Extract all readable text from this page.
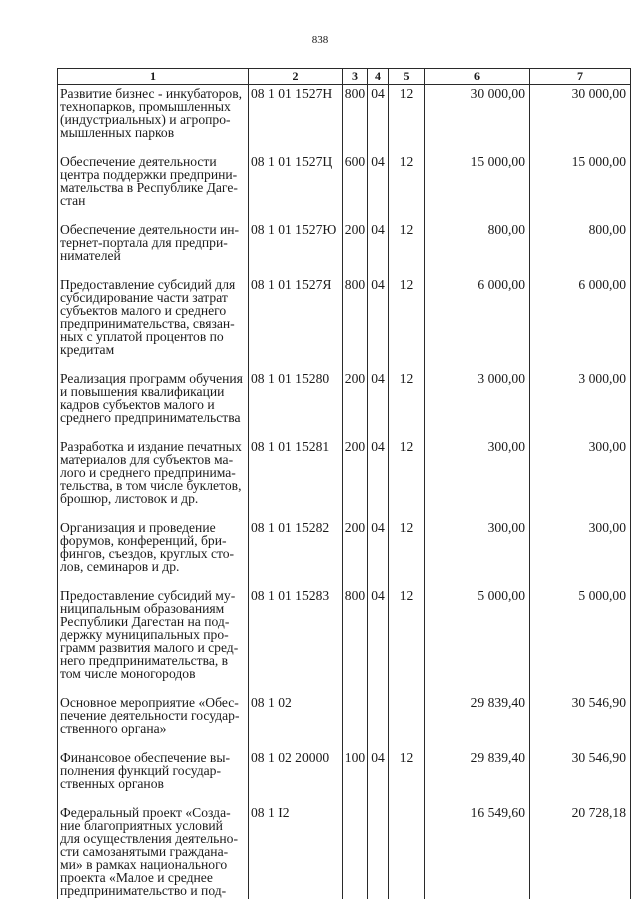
838
1	2	3	4	5	6	7
Развитие бизнес - инкубаторов, технопарков, промышленных (индустриальных) и агропро-мышленных парков	08 1 01 1527Н	800	04	12	30 000,00	30 000,00
Обеспечение деятельности центра поддержки предприни-мательства в Республике Даге-стан	08 1 01 1527Ц	600	04	12	15 000,00	15 000,00
Обеспечение деятельности ин-тернет-портала для предпри-нимателей	08 1 01 1527Ю	200	04	12	800,00	800,00
Предоставление субсидий для субсидирование части затрат субъектов малого и среднего предпринимательства, связан-ных с уплатой процентов по кредитам	08 1 01 1527Я	800	04	12	6 000,00	6 000,00
Реализация программ обучения и повышения квалификации кадров субъектов малого и среднего предпринимательства	08 1 01 15280	200	04	12	3 000,00	3 000,00
Разработка и издание печатных материалов для субъектов ма-лого и среднего предпринима-тельства, в том числе буклетов, брошюр, листовок и др.	08 1 01 15281	200	04	12	300,00	300,00
Организация и проведение форумов, конференций, бри-фингов, съездов, круглых сто-лов, семинаров и др.	08 1 01 15282	200	04	12	300,00	300,00
Предоставление субсидий му-ниципальным образованиям Республики Дагестан на под-держку муниципальных про-грамм развития малого и сред-него предпринимательства, в том числе моногородов	08 1 01 15283	800	04	12	5 000,00	5 000,00
Основное мероприятие «Обес-печение деятельности государ-ственного органа»	08 1 02				29 839,40	30 546,90
Финансовое обеспечение вы-полнения функций государ-ственных органов	08 1 02 20000	100	04	12	29 839,40	30 546,90
Федеральный проект «Созда-ние благоприятных условий для осуществления деятельно-сти самозанятыми гражданa-ми» в рамках национального проекта «Малое и среднее предпринимательство и под-	08 1 I2				16 549,60	20 728,18
